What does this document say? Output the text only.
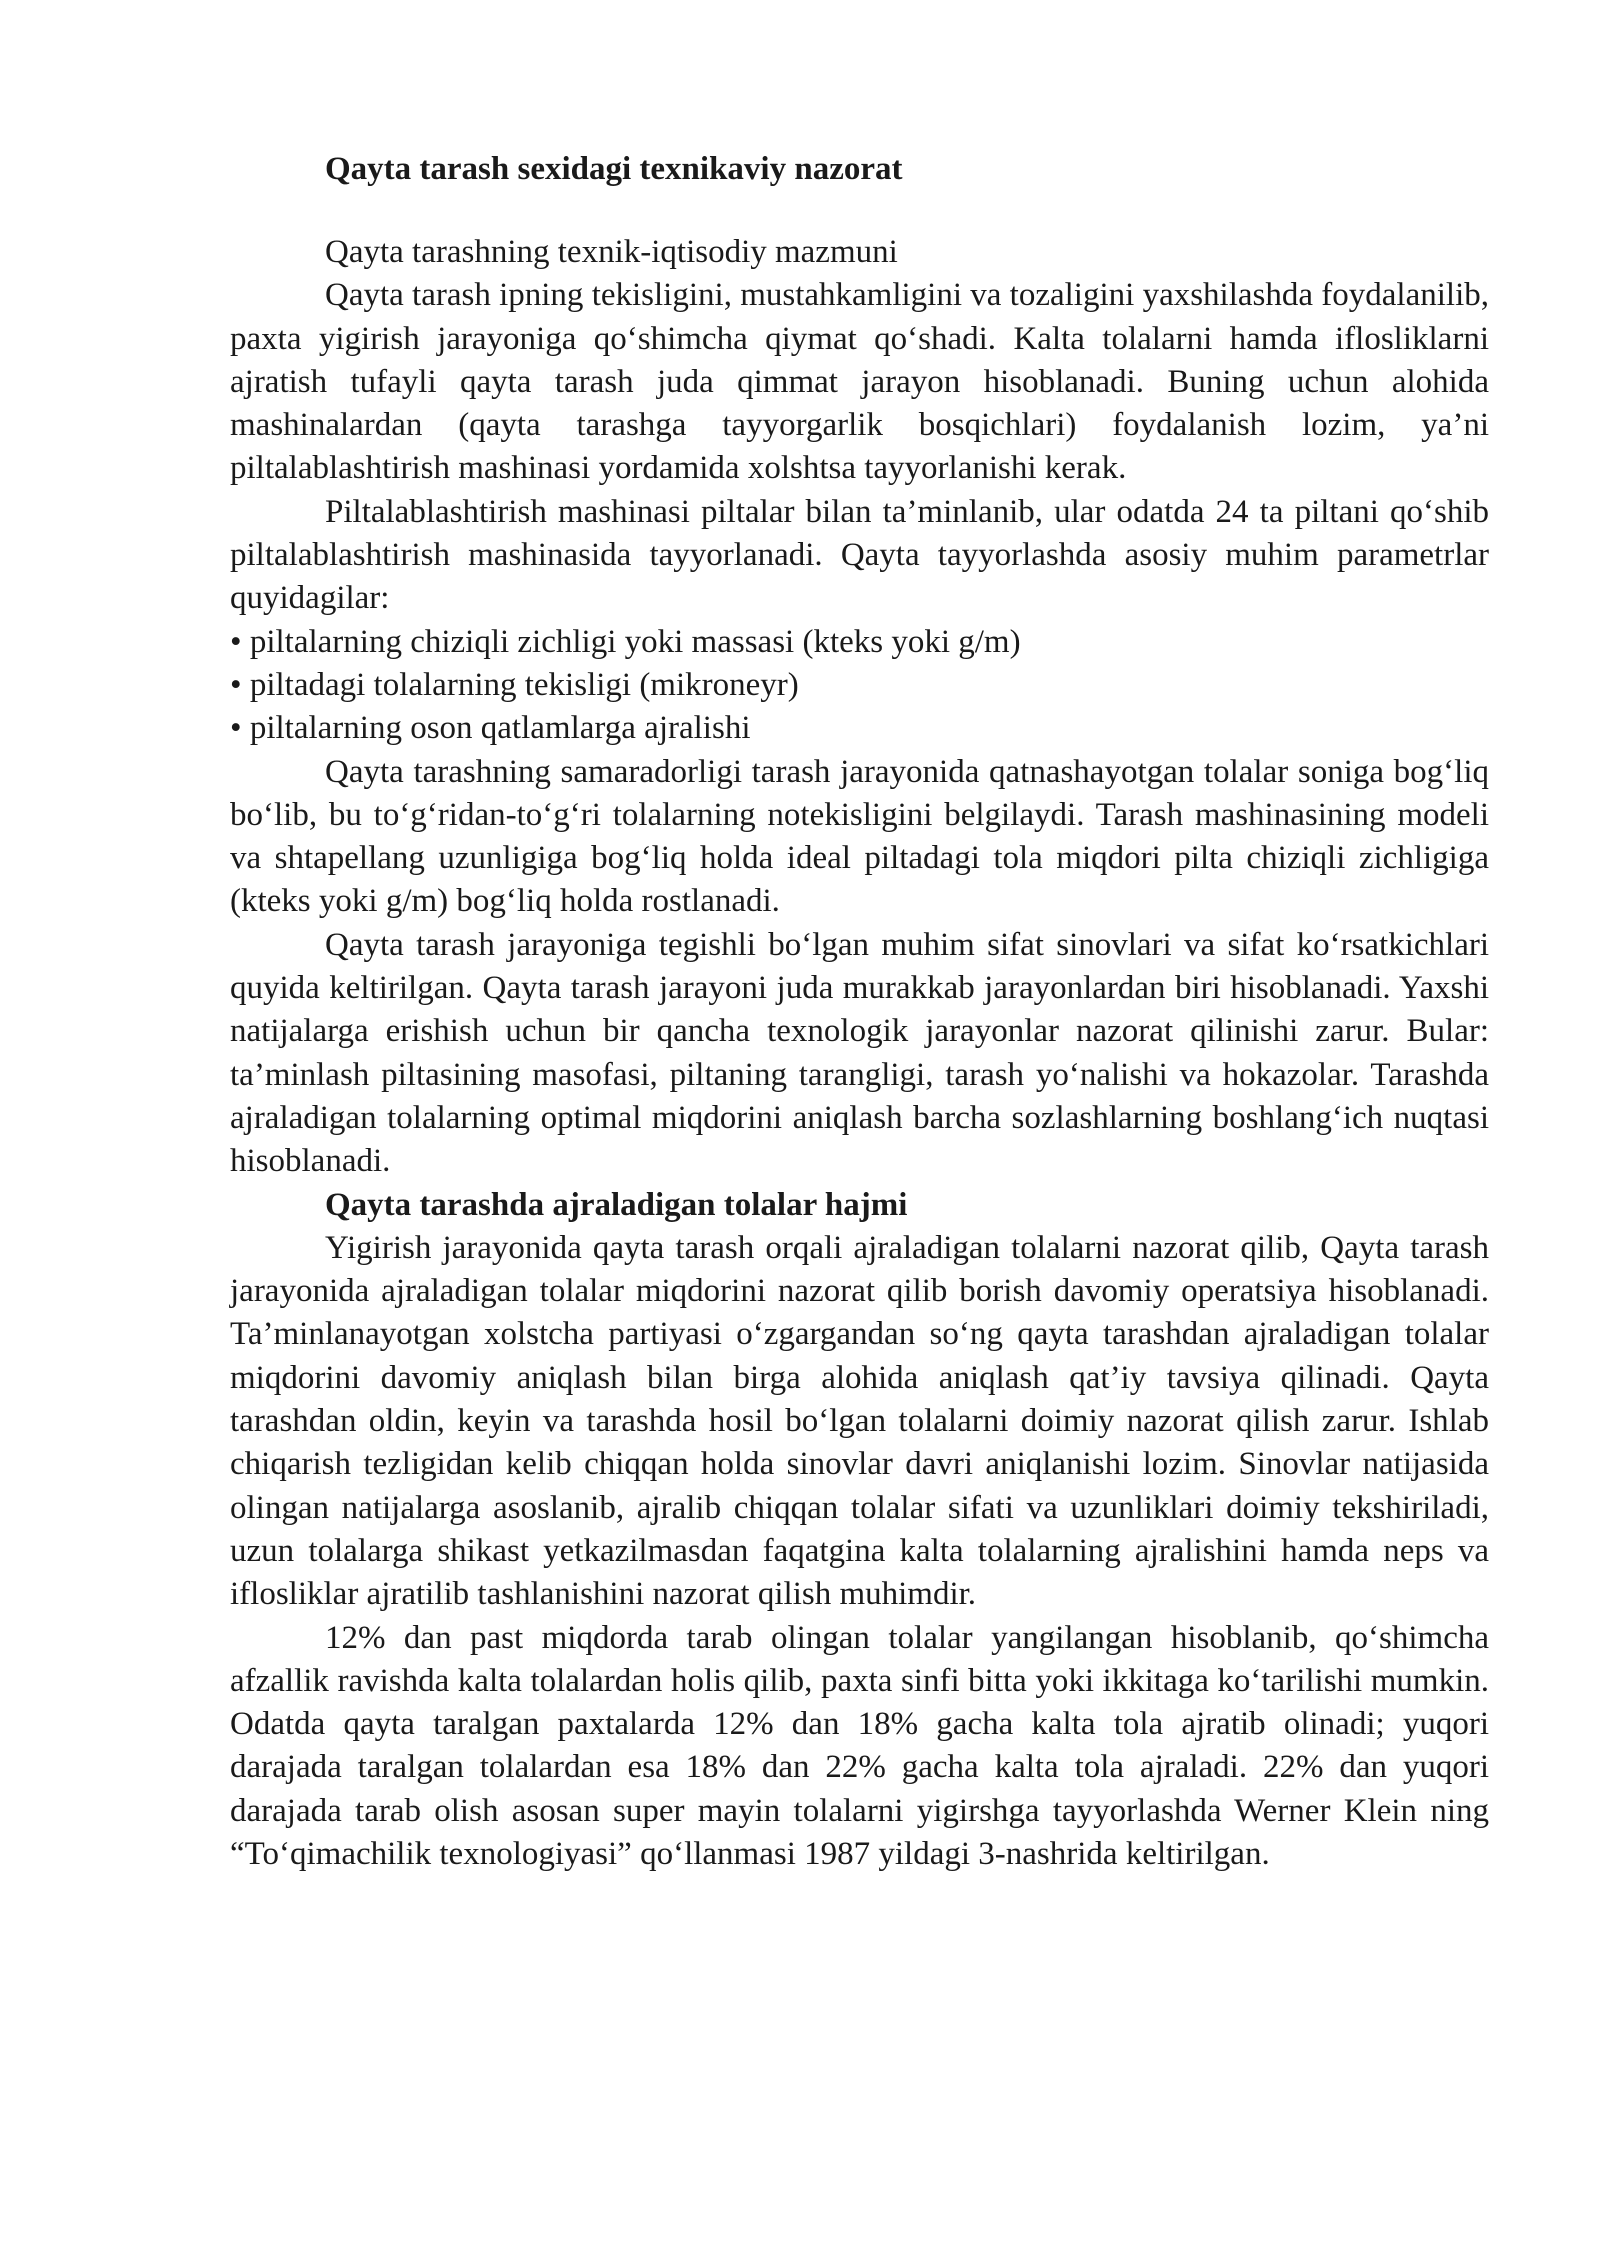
Qayta tarash sexidagi texnikaviy nazorat

Qayta tarashning texnik-iqtisodiy mazmuni

Qayta tarash ipning tekisligini, mustahkamligini va tozaligini yaxshilashda foydalanilib, paxta yigirish jarayoniga qo‘shimcha qiymat qo‘shadi. Kalta tolalarni hamda iflosliklarni ajratish tufayli qayta tarash juda qimmat jarayon hisoblanadi. Buning uchun alohida mashinalardan (qayta tarashga tayyorgarlik bosqichlari) foydalanish lozim, ya’ni piltalablashtirish mashinasi yordamida xolshtsa tayyorlanishi kerak.

Piltalablashtirish mashinasi piltalar bilan ta’minlanib, ular odatda 24 ta piltani qo‘shib piltalablashtirish mashinasida tayyorlanadi. Qayta tayyorlashda asosiy muhim parametrlar quyidagilar:

• piltalarning chiziqli zichligi yoki massasi (kteks yoki g/m)
• piltadagi tolalarning tekisligi (mikroneyr)
• piltalarning oson qatlamlarga ajralishi

Qayta tarashning samaradorligi tarash jarayonida qatnashayotgan tolalar soniga bog‘liq bo‘lib, bu to‘g‘ridan-to‘g‘ri tolalarning notekisligini belgilaydi. Tarash mashinasining modeli va shtapellang uzunligiga bog‘liq holda ideal piltadagi tola miqdori pilta chiziqli zichligiga (kteks yoki g/m) bog‘liq holda rostlanadi.

Qayta tarash jarayoniga tegishli bo‘lgan muhim sifat sinovlari va sifat ko‘rsatkichlari quyida keltirilgan. Qayta tarash jarayoni juda murakkab jarayonlardan biri hisoblanadi. Yaxshi natijalarga erishish uchun bir qancha texnologik jarayonlar nazorat qilinishi zarur. Bular: ta’minlash piltasining masofasi, piltaning tarangligi, tarash yo‘nalishi va hokazolar. Tarashda ajraladigan tolalarning optimal miqdorini aniqlash barcha sozlashlarning boshlang‘ich nuqtasi hisoblanadi.

Qayta tarashda ajraladigan tolalar hajmi

Yigirish jarayonida qayta tarash orqali ajraladigan tolalarni nazorat qilib, Qayta tarash jarayonida ajraladigan tolalar miqdorini nazorat qilib borish davomiy operatsiya hisoblanadi. Ta’minlanayotgan xolstcha partiyasi o‘zgargandan so‘ng qayta tarashdan ajraladigan tolalar miqdorini davomiy aniqlash bilan birga alohida aniqlash qat’iy tavsiya qilinadi. Qayta tarashdan oldin, keyin va tarashda hosil bo‘lgan tolalarni doimiy nazorat qilish zarur. Ishlab chiqarish tezligidan kelib chiqqan holda sinovlar davri aniqlanishi lozim. Sinovlar natijasida olingan natijalarga asoslanib, ajralib chiqqan tolalar sifati va uzunliklari doimiy tekshiriladi, uzun tolalarga shikast yetkazilmasdan faqatgina kalta tolalarning ajralishini hamda neps va iflosliklar ajratilib tashlanishini nazorat qilish muhimdir.

12% dan past miqdorda tarab olingan tolalar yangilangan hisoblanib, qo‘shimcha afzallik ravishda kalta tolalardan holis qilib, paxta sinfi bitta yoki ikkitaga ko‘tarilishi mumkin. Odatda qayta taralgan paxtalarda 12% dan 18% gacha kalta tola ajratib olinadi; yuqori darajada taralgan tolalardan esa 18% dan 22% gacha kalta tola ajraladi. 22% dan yuqori darajada tarab olish asosan super mayin tolalarni yigirshga tayyorlashda Werner Klein ning “To‘qimachilik texnologiyasi” qo‘llanmasi 1987 yildagi 3-nashrida keltirilgan.
